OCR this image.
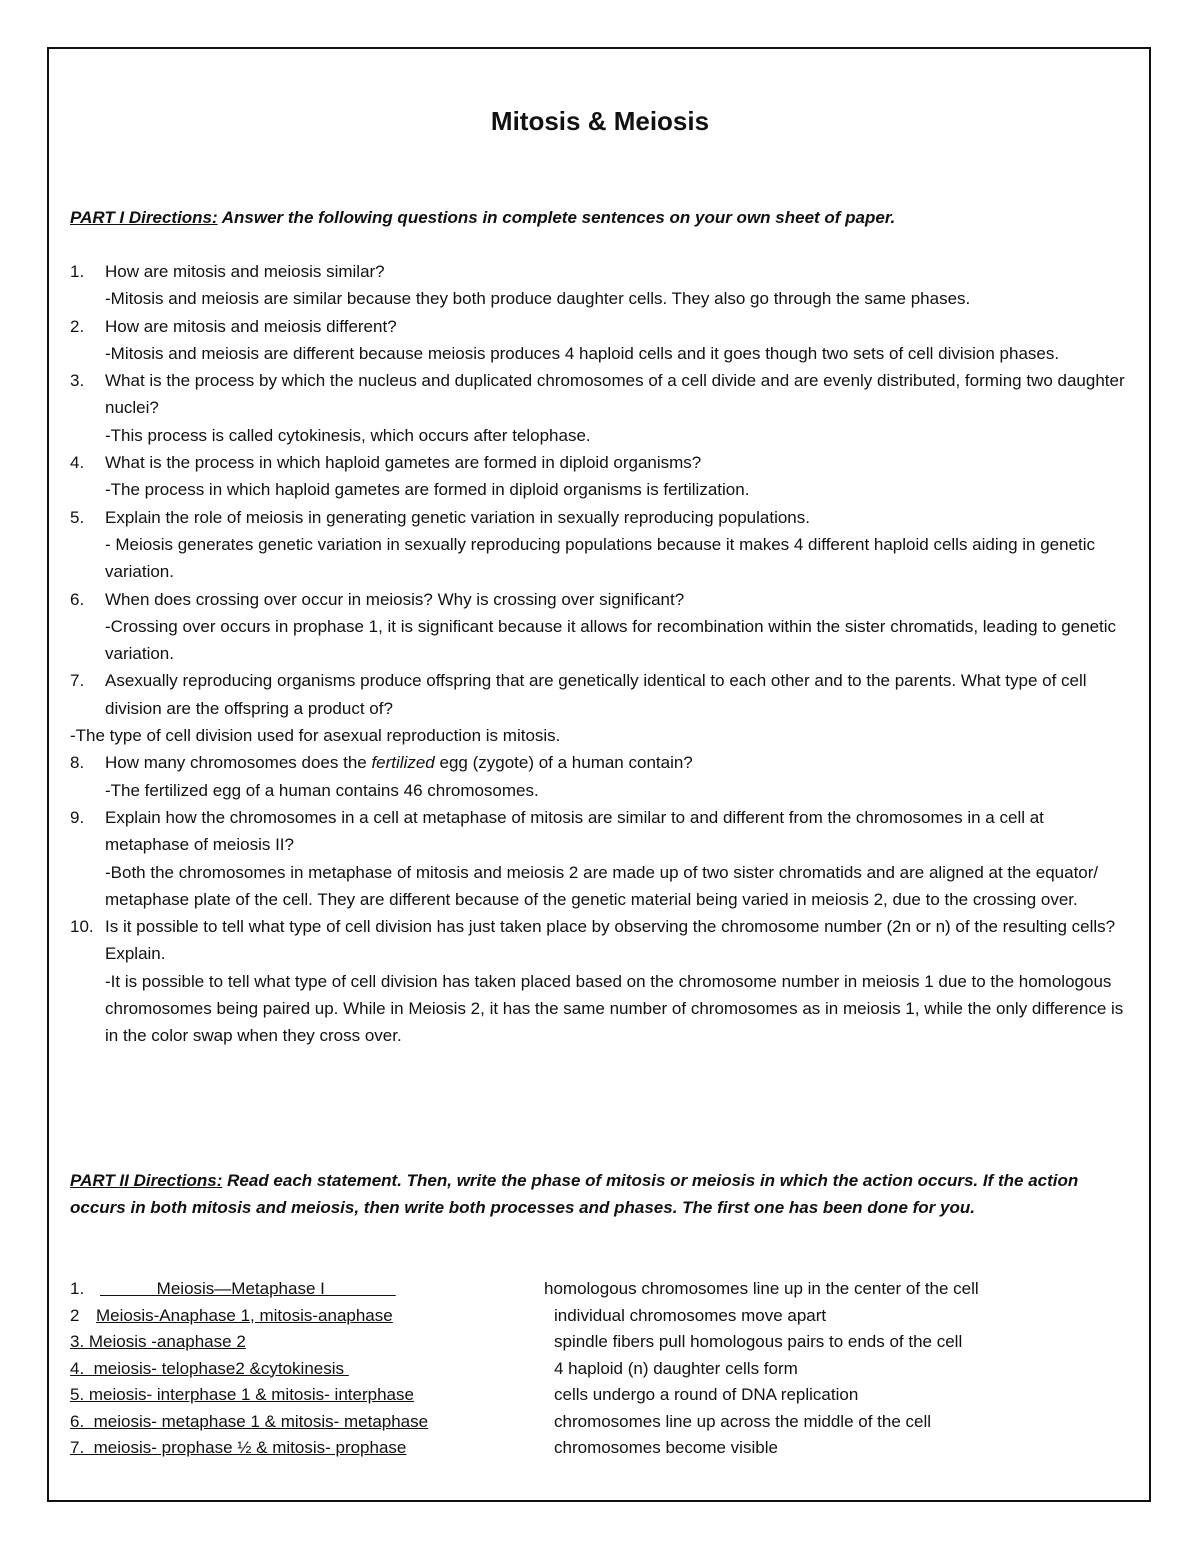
Mitosis & Meiosis
PART I Directions: Answer the following questions in complete sentences on your own sheet of paper.
1. How are mitosis and meiosis similar?
-Mitosis and meiosis are similar because they both produce daughter cells. They also go through the same phases.
2. How are mitosis and meiosis different?
-Mitosis and meiosis are different because meiosis produces 4 haploid cells and it goes though two sets of cell division phases.
3. What is the process by which the nucleus and duplicated chromosomes of a cell divide and are evenly distributed, forming two daughter nuclei?
-This process is called cytokinesis, which occurs after telophase.
4. What is the process in which haploid gametes are formed in diploid organisms?
-The process in which haploid gametes are formed in diploid organisms is fertilization.
5. Explain the role of meiosis in generating genetic variation in sexually reproducing populations.
- Meiosis generates genetic variation in sexually reproducing populations because it makes 4 different haploid cells aiding in genetic variation.
6. When does crossing over occur in meiosis? Why is crossing over significant?
-Crossing over occurs in prophase 1, it is significant because it allows for recombination within the sister chromatids, leading to genetic variation.
7. Asexually reproducing organisms produce offspring that are genetically identical to each other and to the parents. What type of cell division are the offspring a product of?
-The type of cell division used for asexual reproduction is mitosis.
8. How many chromosomes does the fertilized egg (zygote) of a human contain?
-The fertilized egg of a human contains 46 chromosomes.
9. Explain how the chromosomes in a cell at metaphase of mitosis are similar to and different from the chromosomes in a cell at metaphase of meiosis II?
-Both the chromosomes in metaphase of mitosis and meiosis 2 are made up of two sister chromatids and are aligned at the equator/ metaphase plate of the cell. They are different because of the genetic material being varied in meiosis 2, due to the crossing over.
10. Is it possible to tell what type of cell division has just taken place by observing the chromosome number (2n or n) of the resulting cells? Explain.
-It is possible to tell what type of cell division has taken placed based on the chromosome number in meiosis 1 due to the homologous chromosomes being paired up. While in Meiosis 2, it has the same number of chromosomes as in meiosis 1, while the only difference is in the color swap when they cross over.
PART II Directions: Read each statement. Then, write the phase of mitosis or meiosis in which the action occurs. If the action occurs in both mitosis and meiosis, then write both processes and phases. The first one has been done for you.
1. Meiosis—Metaphase I	homologous chromosomes line up in the center of the cell
2 Meiosis-Anaphase 1, mitosis-anaphase	individual chromosomes move apart
3. Meiosis -anaphase 2	spindle fibers pull homologous pairs to ends of the cell
4.  meiosis- telophase2 &cytokinesis	4 haploid (n) daughter cells form
5. meiosis- interphase 1 & mitosis- interphase	cells undergo a round of DNA replication
6.  meiosis- metaphase 1 & mitosis- metaphase	chromosomes line up across the middle of the cell
7.  meiosis- prophase ½ & mitosis- prophase	chromosomes become visible
